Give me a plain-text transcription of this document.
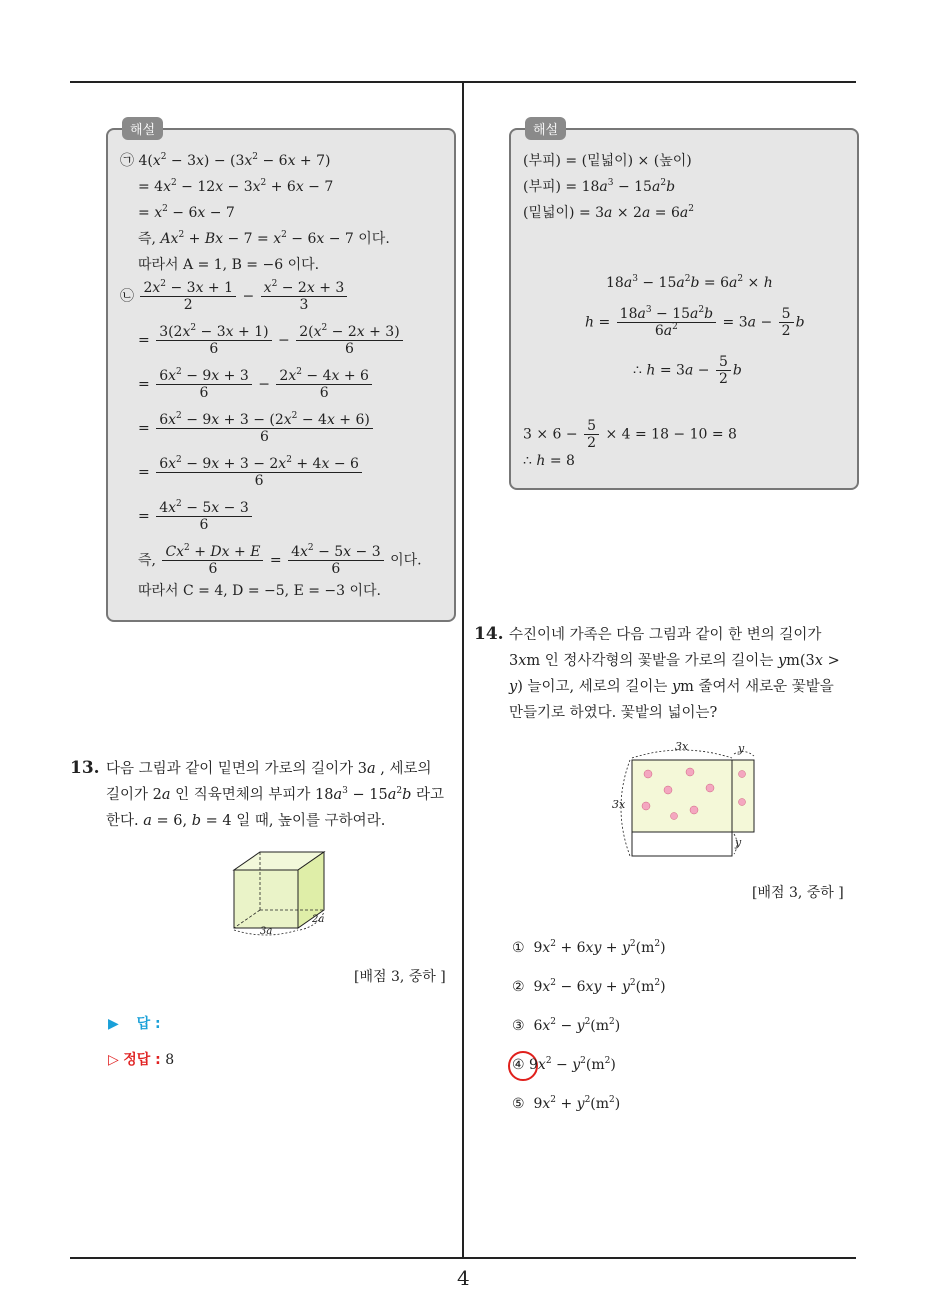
해설
㉠ $4(x^2 - 3x) - (3x^2 - 6x + 7)$
= $4x^2 - 12x - 3x^2 + 6x - 7$
= $x^2 - 6x - 7$
즉, $Ax^2 + Bx - 7 = x^2 - 6x - 7$ 이다.
따라서 A = 1, B = −6 이다.
㉡ $\frac{2x^2 - 3x + 1}{2} - \frac{x^2 - 2x + 3}{3}$
= $\frac{3(2x^2 - 3x + 1)}{6} - \frac{2(x^2 - 2x + 3)}{6}$
= $\frac{6x^2 - 9x + 3}{6} - \frac{2x^2 - 4x + 6}{6}$
= $\frac{6x^2 - 9x + 3 - (2x^2 - 4x + 6)}{6}$
= $\frac{6x^2 - 9x + 3 - 2x^2 + 4x - 6}{6}$
= $\frac{4x^2 - 5x - 3}{6}$
즉, $\frac{Cx^2 + Dx + E}{6} = \frac{4x^2 - 5x - 3}{6}$ 이다.
따라서 C = 4, D = −5, E = −3 이다.
해설
(부피) = (밑넓이) × (높이)
(부피) = $18a^3 - 15a^2b$
(밑넓이) = $3a \times 2a = 6a^2$
$18a^3 - 15a^2b = 6a^2 \times h$
$h = \frac{18a^3 - 15a^2b}{6a^2} = 3a - \frac{5}{2}$ b
∴ $h = 3a - \frac{5}{2}$ b
$3 \times 6 - \frac{5}{2} \times 4 = 18 - 10 = 8$
∴ h = 8
13. 다음 그림과 같이 밑면의 가로의 길이가 3a , 세로의
길이가 2a 인 직육면체의 부피가 $18a^3 - 15a^2b$ 라고
한다. a = 6, b = 4 일 때, 높이를 구하여라.
3a
2a
[배점 3, 중하 ]
▶ 답 :
▷ 정답 : 8
14. 수진이네 가족은 다음 그림과 같이 한 변의 길이가
3xm 인 정사각형의 꽃밭을 가로의 길이는 ym(3x >
y) 늘이고, 세로의 길이는 ym 줄여서 새로운 꽃밭을
만들기로 하였다. 꽃밭의 넓이는?
3x	y
3x
y
[배점 3, 중하 ]
①  $9x^2 + 6xy + y^2(m^2)$
②  $9x^2 - 6xy + y^2(m^2)$
③  $6x^2 - y^2(m^2)$
④ $9x^2 - y^2(m^2)$
⑤  $9x^2 + y^2(m^2)$
4
